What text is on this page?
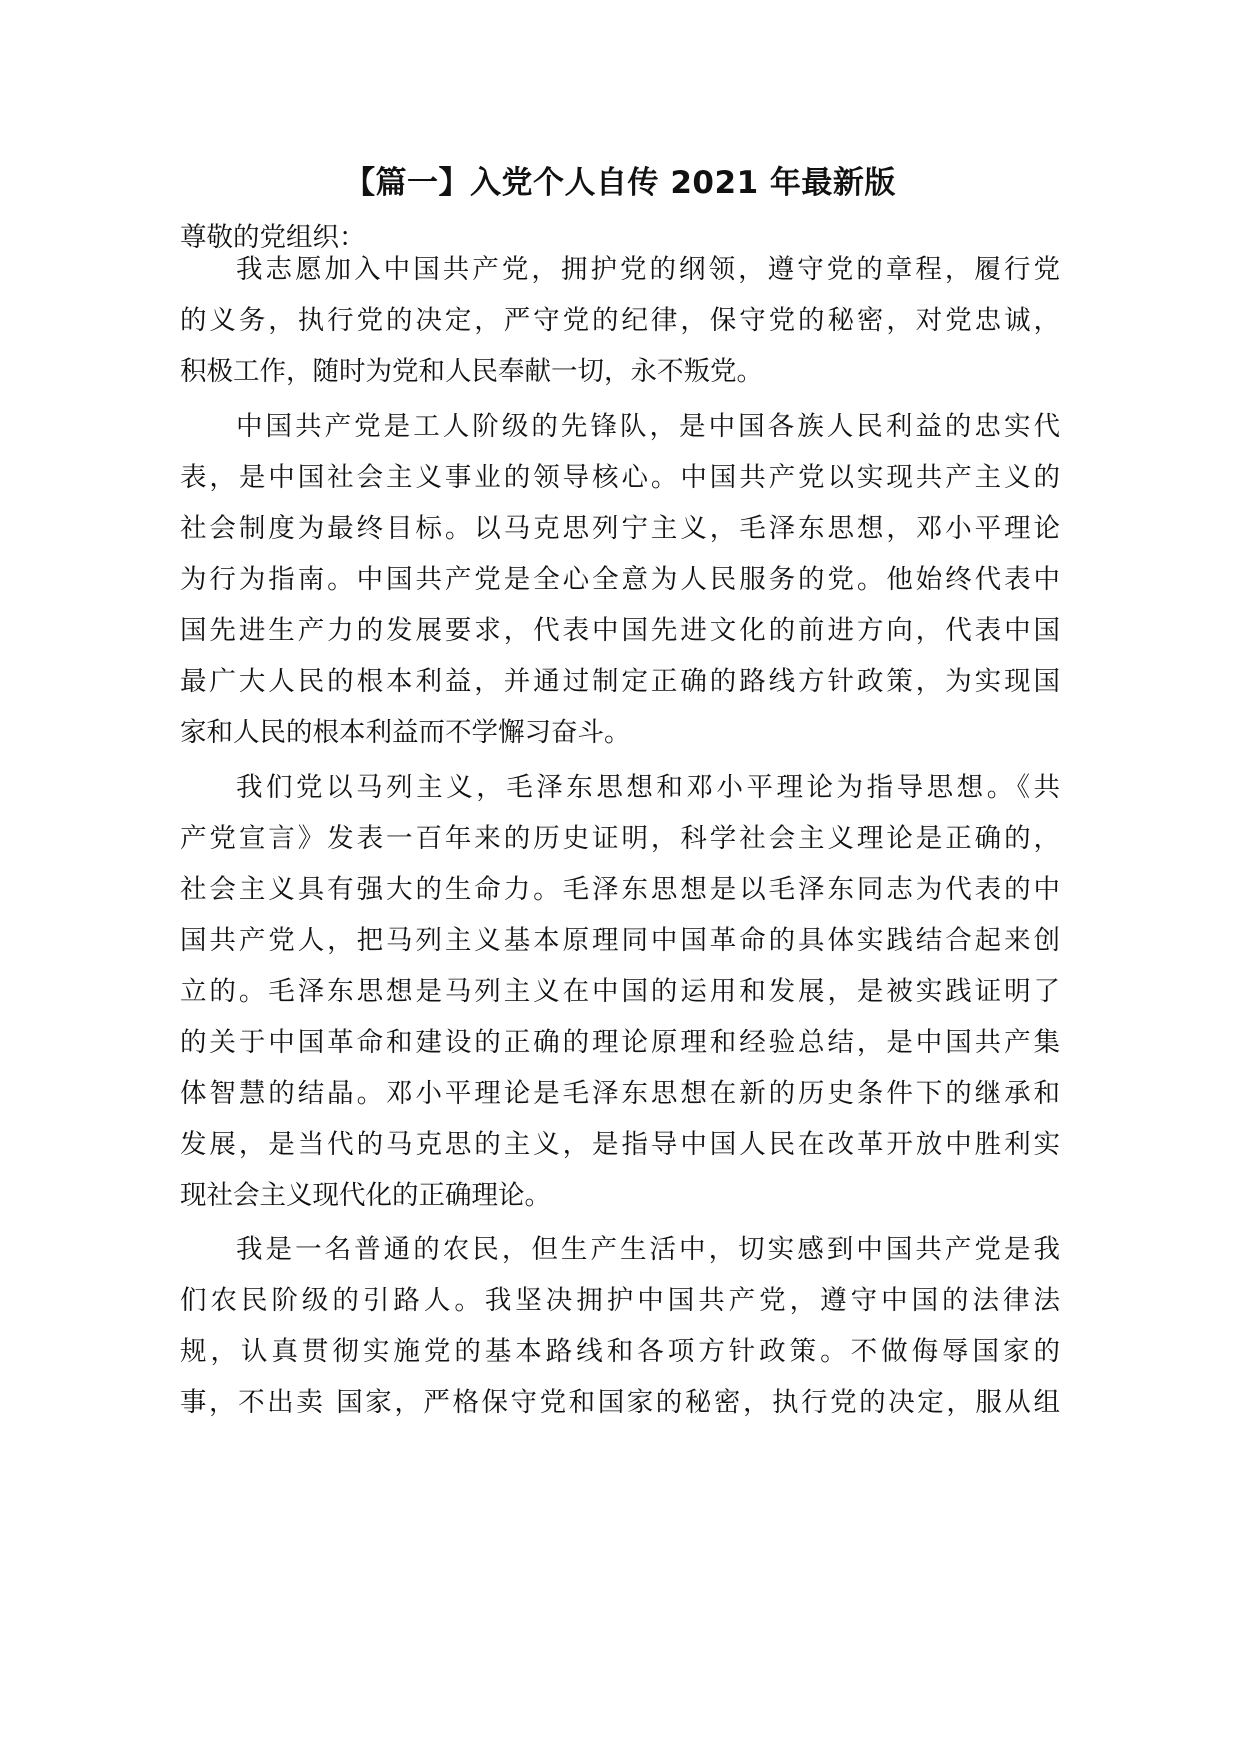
【篇一】入党个人自传 2021 年最新版
尊敬的党组织：
我志愿加入中国共产党，拥护党的纲领，遵守党的章程，履行党
的义务，执行党的决定，严守党的纪律，保守党的秘密，对党忠诚，
积极工作，随时为党和人民奉献一切，永不叛党。
中国共产党是工人阶级的先锋队，是中国各族人民利益的忠实代
表，是中国社会主义事业的领导核心。中国共产党以实现共产主义的
社会制度为最终目标。以马克思列宁主义，毛泽东思想，邓小平理论
为行为指南。中国共产党是全心全意为人民服务的党。他始终代表中
国先进生产力的发展要求，代表中国先进文化的前进方向，代表中国
最广大人民的根本利益，并通过制定正确的路线方针政策，为实现国
家和人民的根本利益而不学懈习奋斗。
我们党以马列主义，毛泽东思想和邓小平理论为指导思想。《共
产党宣言》发表一百年来的历史证明，科学社会主义理论是正确的，
社会主义具有强大的生命力。毛泽东思想是以毛泽东同志为代表的中
国共产党人，把马列主义基本原理同中国革命的具体实践结合起来创
立的。毛泽东思想是马列主义在中国的运用和发展，是被实践证明了
的关于中国革命和建设的正确的理论原理和经验总结，是中国共产集
体智慧的结晶。邓小平理论是毛泽东思想在新的历史条件下的继承和
发展，是当代的马克思的主义，是指导中国人民在改革开放中胜利实
现社会主义现代化的正确理论。
我是一名普通的农民，但生产生活中，切实感到中国共产党是我
们农民阶级的引路人。我坚决拥护中国共产党，遵守中国的法律法
规，认真贯彻实施党的基本路线和各项方针政策。不做侮辱国家的
事，不出卖 国家，严格保守党和国家的秘密，执行党的决定，服从组
